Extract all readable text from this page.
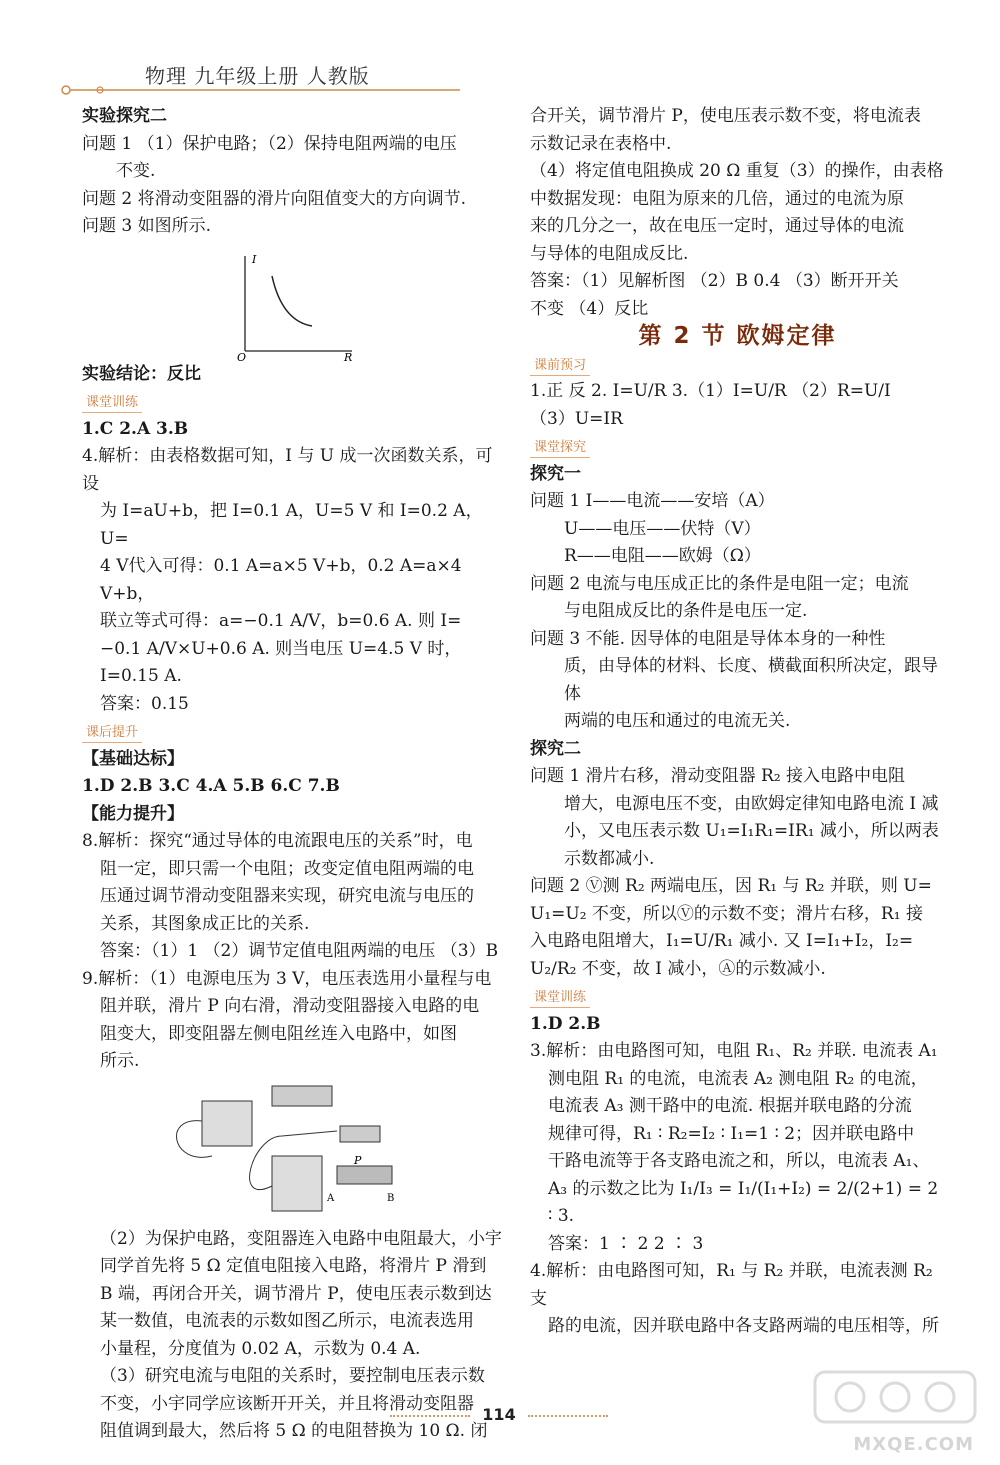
物理 九年级上册 人教版

实验探究二

问题 1 （1）保护电路；（2）保持电阻两端的电压

不变.

问题 2 将滑动变阻器的滑片向阻值变大的方向调节.

问题 3 如图所示.

I
O	R

实验结论：反比

课堂训练

1.C 2.A 3.B

4.解析：由表格数据可知，I 与 U 成一次函数关系，可设

为 I=aU+b，把 I=0.1 A，U=5 V 和 I=0.2 A，U=

4 V代入可得：0.1 A=a×5 V+b，0.2 A=a×4 V+b，

联立等式可得：a=−0.1 A/V，b=0.6 A. 则 I=

−0.1 A/V×U+0.6 A. 则当电压 U=4.5 V 时，

I=0.15 A.

答案：0.15

课后提升

【基础达标】

1.D 2.B 3.C 4.A 5.B 6.C 7.B

【能力提升】

8.解析：探究“通过导体的电流跟电压的关系”时，电

阻一定，即只需一个电阻；改变定值电阻两端的电

压通过调节滑动变阻器来实现，研究电流与电压的

关系，其图象成正比的关系.

答案：（1）1 （2）调节定值电阻两端的电压 （3）B

9.解析：（1）电源电压为 3 V，电压表选用小量程与电

阻并联，滑片 P 向右滑，滑动变阻器接入电路的电

阻变大，即变阻器左侧电阻丝连入电路中，如图

所示.

P
A	B

（2）为保护电路，变阻器连入电路中电阻最大，小宇

同学首先将 5 Ω 定值电阻接入电路，将滑片 P 滑到

B 端，再闭合开关，调节滑片 P，使电压表示数到达

某一数值，电流表的示数如图乙所示，电流表选用

小量程，分度值为 0.02 A，示数为 0.4 A.

（3）研究电流与电阻的关系时，要控制电压表示数

不变，小宇同学应该断开开关，并且将滑动变阻器

阻值调到最大，然后将 5 Ω 的电阻替换为 10 Ω. 闭

合开关，调节滑片 P，使电压表示数不变，将电流表

示数记录在表格中.

（4）将定值电阻换成 20 Ω 重复（3）的操作，由表格

中数据发现：电阻为原来的几倍，通过的电流为原

来的几分之一，故在电压一定时，通过导体的电流

与导体的电阻成反比.

答案：（1）见解析图 （2）B 0.4 （3）断开开关

不变 （4）反比

第 2 节 欧姆定律

课前预习

1.正 反 2. I=U/R 3.（1）I=U/R （2）R=U/I

（3）U=IR

课堂探究

探究一

问题 1 I——电流——安培（A）

U——电压——伏特（V）

R——电阻——欧姆（Ω）

问题 2 电流与电压成正比的条件是电阻一定；电流

与电阻成反比的条件是电压一定.

问题 3 不能. 因导体的电阻是导体本身的一种性

质，由导体的材料、长度、横截面积所决定，跟导体

两端的电压和通过的电流无关.

探究二

问题 1 滑片右移，滑动变阻器 R₂ 接入电路中电阻

增大，电源电压不变，由欧姆定律知电路电流 I 减

小，又电压表示数 U₁=I₁R₁=IR₁ 减小，所以两表

示数都减小.

问题 2 Ⓥ测 R₂ 两端电压，因 R₁ 与 R₂ 并联，则 U=

U₁=U₂ 不变，所以Ⓥ的示数不变；滑片右移，R₁ 接

入电路电阻增大，I₁=U/R₁ 减小. 又 I=I₁+I₂，I₂=

U₂/R₂ 不变，故 I 减小，Ⓐ的示数减小.

课堂训练

1.D 2.B

3.解析：由电路图可知，电阻 R₁、R₂ 并联. 电流表 A₁

测电阻 R₁ 的电流，电流表 A₂ 测电阻 R₂ 的电流，

电流表 A₃ 测干路中的电流. 根据并联电路的分流

规律可得，R₁ ∶ R₂=I₂ ∶ I₁=1 ∶ 2；因并联电路中

干路电流等于各支路电流之和，所以，电流表 A₁、

A₃ 的示数之比为 I₁/I₃ = I₁/(I₁+I₂) = 2/(2+1) = 2 ∶ 3.

答案：1 ∶ 2 2 ∶ 3

4.解析：由电路图可知，R₁ 与 R₂ 并联，电流表测 R₂ 支

路的电流，因并联电路中各支路两端的电压相等，所

114
MXQE.COM
